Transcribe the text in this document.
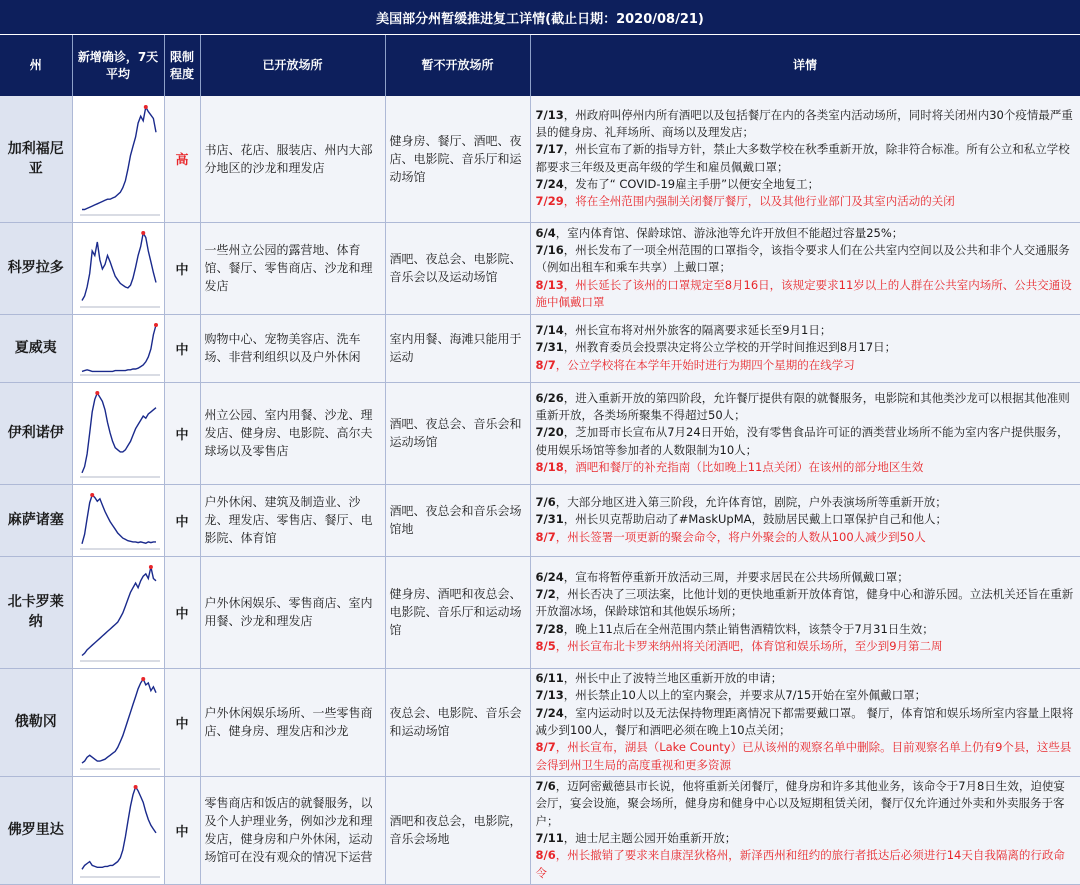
美国部分州暂缓推进复工详情(截止日期：2020/08/21)
州	新增确诊，7天平均	限制程度	已开放场所	暂不开放场所	详情
加利福尼亚		高	书店、花店、服装店、州内大部分地区的沙龙和理发店	健身房、餐厅、酒吧、夜店、电影院、音乐厅和运动场馆	7/13，州政府叫停州内所有酒吧以及包括餐厅在内的各类室内活动场所，同时将关闭州内30个疫情最严重县的健身房、礼拜场所、商场以及理发店；
7/17，州长宣布了新的指导方针，禁止大多数学校在秋季重新开放，除非符合标准。所有公立和私立学校都要求三年级及更高年级的学生和雇员佩戴口罩；
7/24，发布了“ COVID-19雇主手册”以便安全地复工；
7/29，将在全州范围内强制关闭餐厅餐厅，以及其他行业部门及其室内活动的关闭

科罗拉多		中	一些州立公园的露营地、体育馆、餐厅、零售商店、沙龙和理发店	酒吧、夜总会、电影院、音乐会以及运动场馆	6/4，室内体育馆、保龄球馆、游泳池等允许开放但不能超过容量25%；
7/16，州长发布了一项全州范围的口罩指令，该指令要求人们在公共室内空间以及公共和非个人交通服务（例如出租车和乘车共享）上戴口罩；
8/13，州长延长了该州的口罩规定至8月16日，该规定要求11岁以上的人群在公共室内场所、公共交通设施中佩戴口罩

夏威夷		中	购物中心、宠物美容店、洗车场、非营利组织以及户外休闲	室内用餐、海滩只能用于运动	7/14，州长宣布将对州外旅客的隔离要求延长至9月1日；
7/31，州教育委员会投票决定将公立学校的开学时间推迟到8月17日；
8/7，公立学校将在本学年开始时进行为期四个星期的在线学习

伊利诺伊		中	州立公园、室内用餐、沙龙、理发店、健身房、电影院、高尔夫球场以及零售店	酒吧、夜总会、音乐会和运动场馆	6/26，进入重新开放的第四阶段，允许餐厅提供有限的就餐服务，电影院和其他类沙龙可以根据其他准则重新开放，各类场所聚集不得超过50人；
7/20，芝加哥市长宣布从7月24日开始，没有零售食品许可证的酒类营业场所不能为室内客户提供服务，使用娱乐场馆等参加者的人数限制为10人；
8/18，酒吧和餐厅的补充指南（比如晚上11点关闭）在该州的部分地区生效

麻萨诸塞		中	户外休闲、建筑及制造业、沙龙、理发店、零售店、餐厅、电影院、体育馆	酒吧、夜总会和音乐会场馆地	7/6，大部分地区进入第三阶段，允许体育馆，剧院，户外表演场所等重新开放；
7/31，州长贝克帮助启动了#MaskUpMA，鼓励居民戴上口罩保护自己和他人；
8/7，州长签署一项更新的聚会命令，将户外聚会的人数从100人减少到50人

北卡罗莱纳		中	户外休闲娱乐、零售商店、室内用餐、沙龙和理发店	健身房、酒吧和夜总会、电影院、音乐厅和运动场馆	6/24，宣布将暂停重新开放活动三周，并要求居民在公共场所佩戴口罩；
7/2，州长否决了三项法案，比他计划的更快地重新开放体育馆，健身中心和游乐园。立法机关还旨在重新开放溜冰场，保龄球馆和其他娱乐场所；
7/28，晚上11点后在全州范围内禁止销售酒精饮料，该禁令于7月31日生效；
8/5，州长宣布北卡罗来纳州将关闭酒吧，体育馆和娱乐场所，至少到9月第二周

俄勒冈		中	户外休闲娱乐场所、一些零售商店、健身房、理发店和沙龙	夜总会、电影院、音乐会和运动场馆	6/11，州长中止了波特兰地区重新开放的申请；
7/13，州长禁止10人以上的室内聚会，并要求从7/15开始在室外佩戴口罩；
7/24，室内运动时以及无法保持物理距离情况下都需要戴口罩。 餐厅，体育馆和娱乐场所室内容量上限将减少到100人，餐厅和酒吧必须在晚上10点关闭；
8/7，州长宣布，湖县（Lake County）已从该州的观察名单中删除。目前观察名单上仍有9个县，这些县会得到州卫生局的高度重视和更多资源

佛罗里达		中	零售商店和饭店的就餐服务，以及个人护理业务，例如沙龙和理发店，健身房和户外休闲，运动场馆可在没有观众的情况下运营	酒吧和夜总会，电影院，音乐会场地	7/6，迈阿密戴德县市长说，他将重新关闭餐厅，健身房和许多其他业务，该命令于7月8日生效，迫使宴会厅，宴会设施，聚会场所，健身房和健身中心以及短期租赁关闭，餐厅仅允许通过外卖和外卖服务于客户；
7/11，迪士尼主题公园开始重新开放；
8/6，州长撤销了要求来自康涅狄格州，新泽西州和纽约的旅行者抵达后必须进行14天自我隔离的行政命令
